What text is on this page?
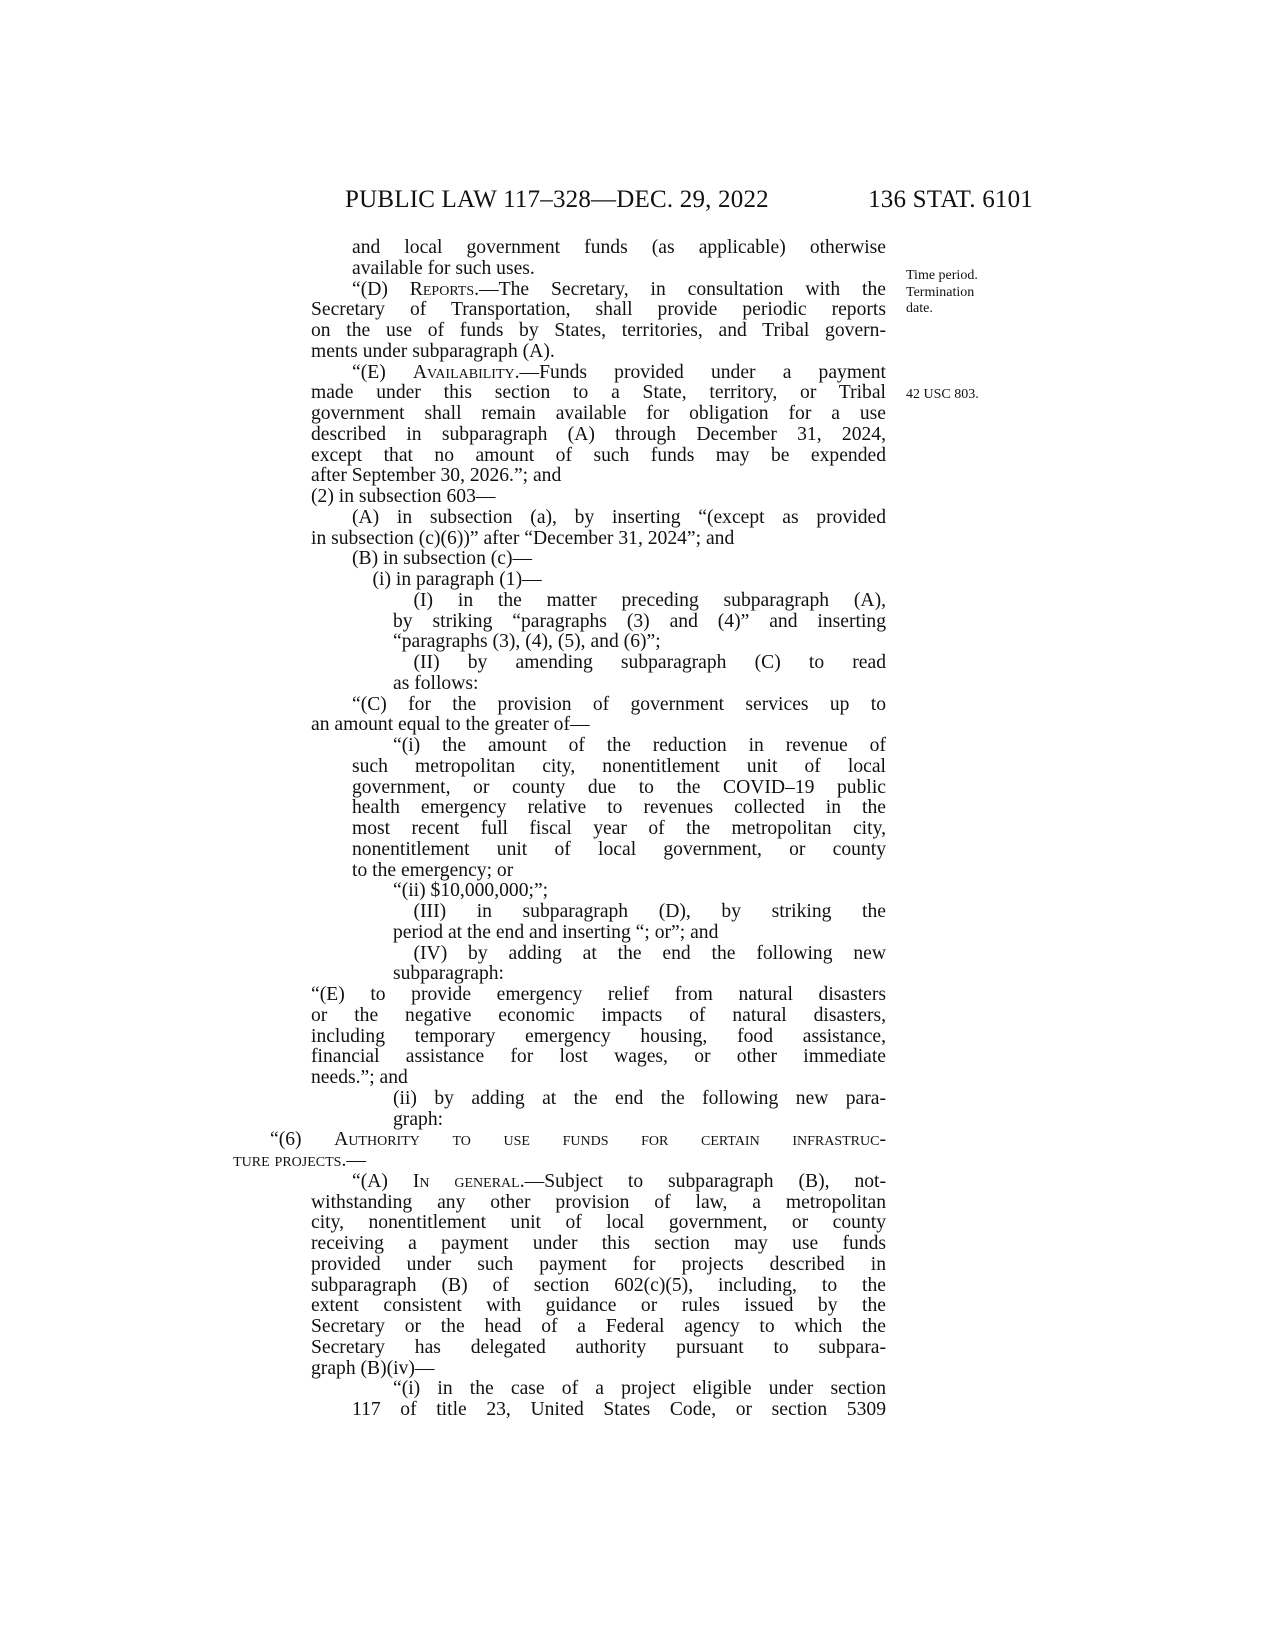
PUBLIC LAW 117–328—DEC. 29, 2022	136 STAT. 6101
Time period.
Termination date.
42 USC 803.
and local government funds (as applicable) otherwise
available for such uses.
“(D) Reports.—The Secretary, in consultation with the
Secretary of Transportation, shall provide periodic reports
on the use of funds by States, territories, and Tribal govern-
ments under subparagraph (A).
“(E) Availability.—Funds provided under a payment
made under this section to a State, territory, or Tribal
government shall remain available for obligation for a use
described in subparagraph (A) through December 31, 2024,
except that no amount of such funds may be expended
after September 30, 2026.”; and
(2) in subsection 603—
(A) in subsection (a), by inserting “(except as provided
in subsection (c)(6))” after “December 31, 2024”; and
(B) in subsection (c)—
(i) in paragraph (1)—
(I) in the matter preceding subparagraph (A),
by striking “paragraphs (3) and (4)” and inserting
“paragraphs (3), (4), (5), and (6)”;
(II) by amending subparagraph (C) to read
as follows:
“(C) for the provision of government services up to
an amount equal to the greater of—
“(i) the amount of the reduction in revenue of
such metropolitan city, nonentitlement unit of local
government, or county due to the COVID–19 public
health emergency relative to revenues collected in the
most recent full fiscal year of the metropolitan city,
nonentitlement unit of local government, or county
to the emergency; or
“(ii) $10,000,000;”;
(III) in subparagraph (D), by striking the
period at the end and inserting “; or”; and
(IV) by adding at the end the following new
subparagraph:
“(E) to provide emergency relief from natural disasters
or the negative economic impacts of natural disasters,
including temporary emergency housing, food assistance,
financial assistance for lost wages, or other immediate
needs.”; and
(ii) by adding at the end the following new para-
graph:
“(6) Authority to use funds for certain infrastruc-
ture projects.—
“(A) In general.—Subject to subparagraph (B), not-
withstanding any other provision of law, a metropolitan
city, nonentitlement unit of local government, or county
receiving a payment under this section may use funds
provided under such payment for projects described in
subparagraph (B) of section 602(c)(5), including, to the
extent consistent with guidance or rules issued by the
Secretary or the head of a Federal agency to which the
Secretary has delegated authority pursuant to subpara-
graph (B)(iv)—
“(i) in the case of a project eligible under section
117 of title 23, United States Code, or section 5309
